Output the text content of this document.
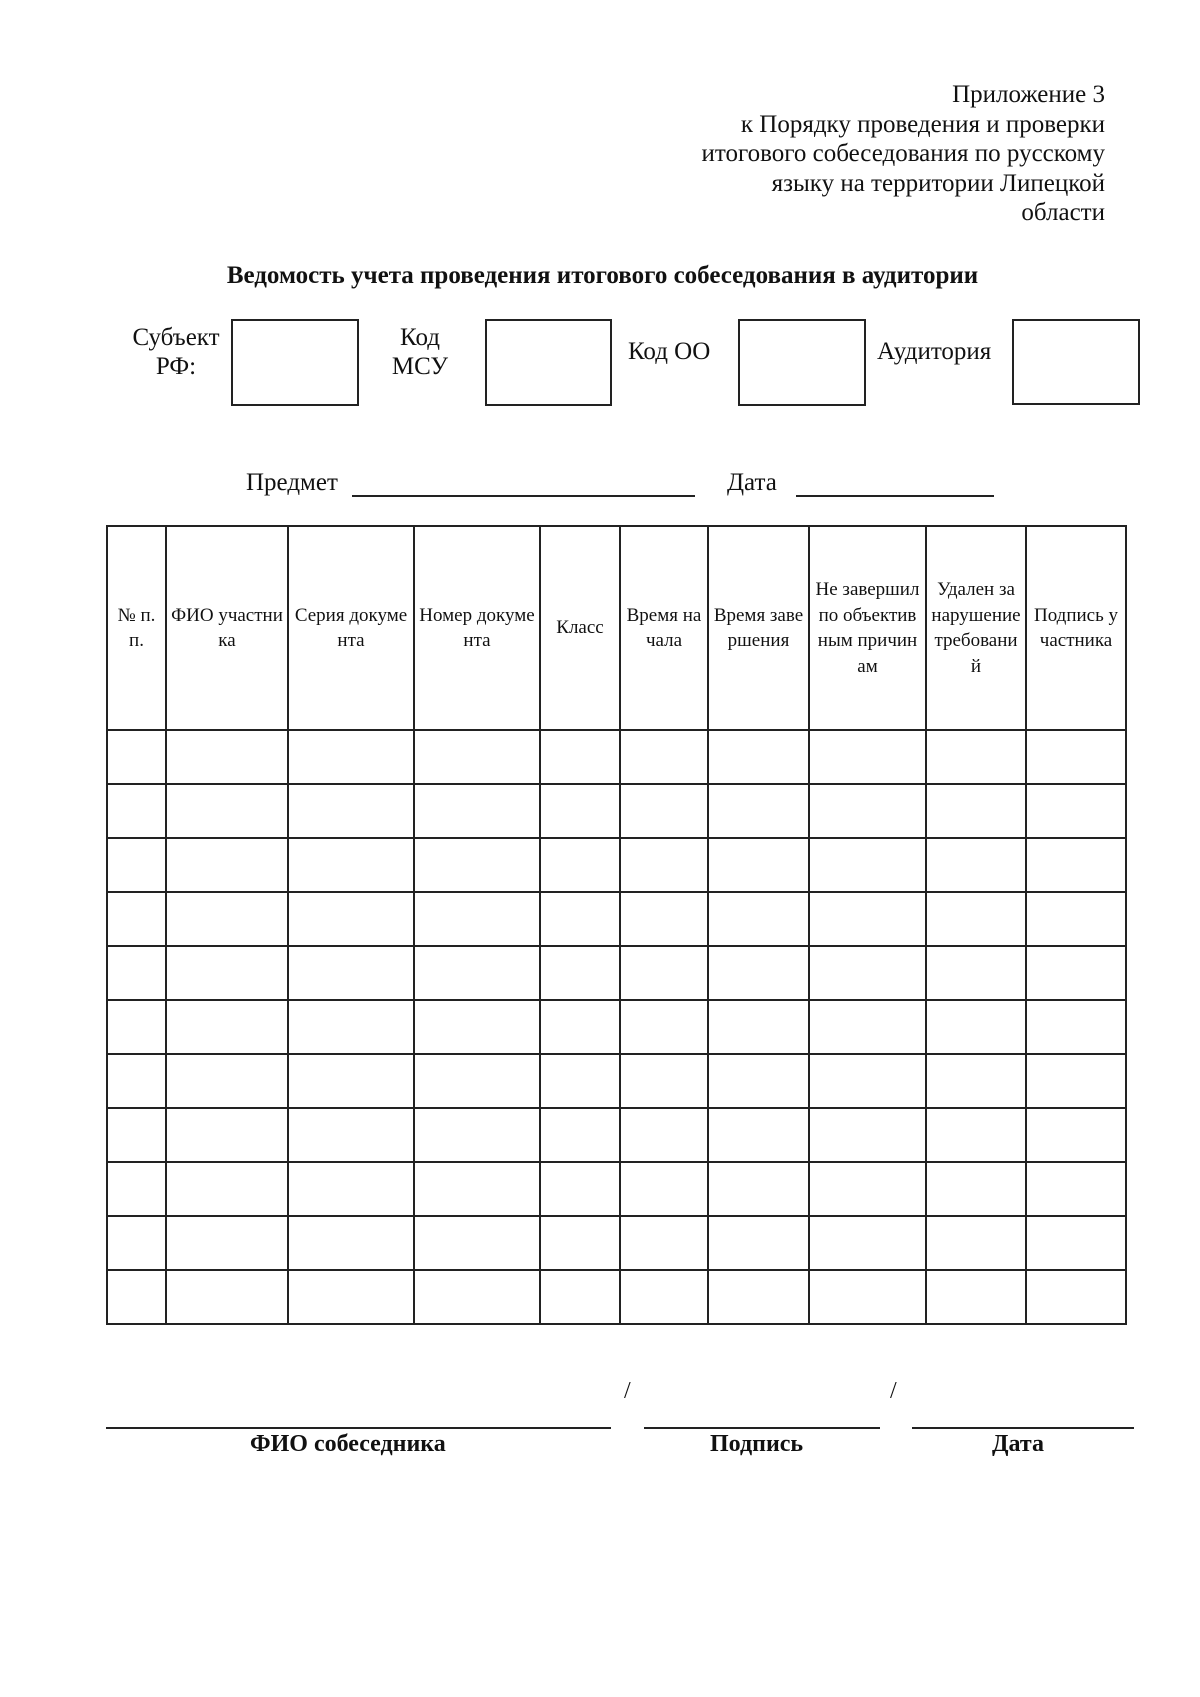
Приложение 3
к Порядку проведения и проверки
итогового собеседования по русскому
языку на территории Липецкой
области
Ведомость учета проведения итогового собеседования в аудитории
Субъект
РФ:
Код
МСУ
Код ОО	Аудитория
Предмет	Дата
№ п.п.	ФИО участника	Серия документа	Номер документа	Класс	Время начала	Время завершения	Не завершил по объективным причинам	Удален за нарушение требований	Подпись участника

/	/
ФИО собеседника	Подпись	Дата
